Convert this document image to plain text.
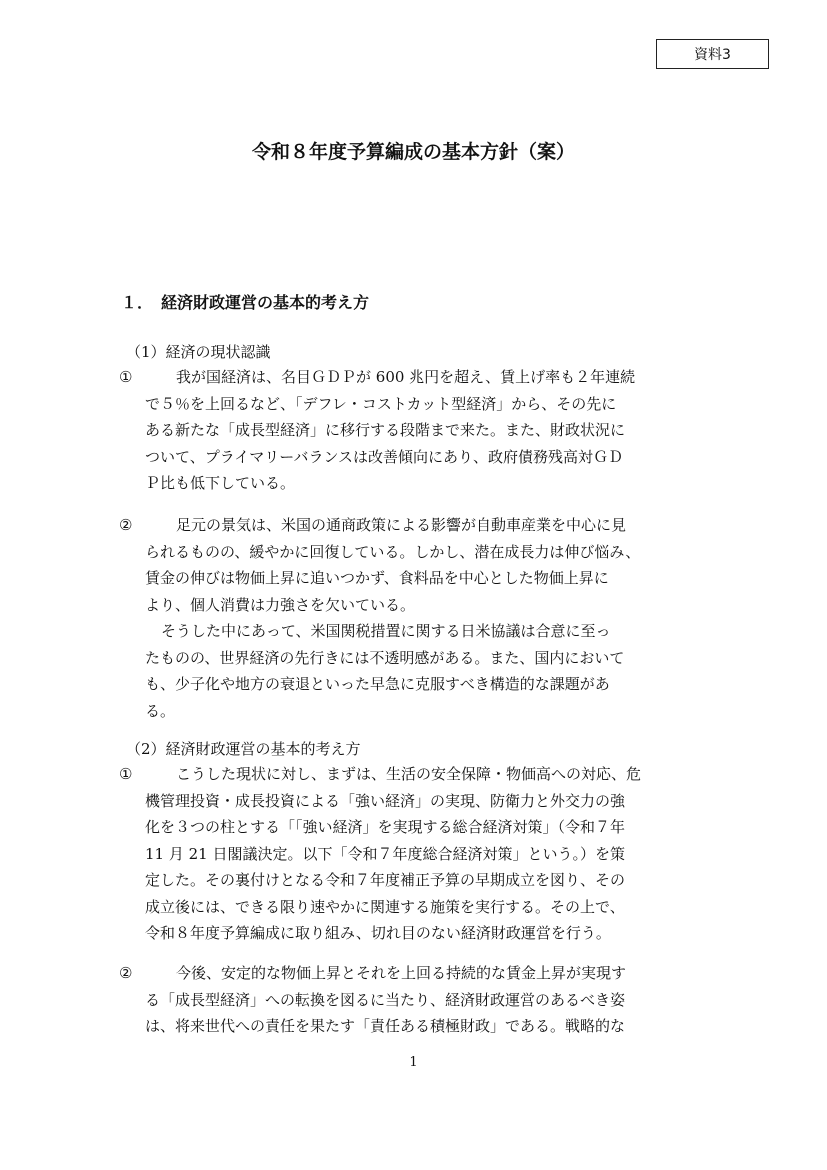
資料3
令和８年度予算編成の基本方針（案）
１．　経済財政運営の基本的考え方
（1）経済の現状認識
①	我が国経済は、名目ＧＤＰが 600 兆円を超え、賃上げ率も２年連続
で５％を上回るなど、「デフレ・コストカット型経済」から、その先に
ある新たな「成長型経済」に移行する段階まで来た。また、財政状況に
ついて、プライマリーバランスは改善傾向にあり、政府債務残高対ＧＤ
Ｐ比も低下している。
②	足元の景気は、米国の通商政策による影響が自動車産業を中心に見
られるものの、緩やかに回復している。しかし、潜在成長力は伸び悩み、
賃金の伸びは物価上昇に追いつかず、食料品を中心とした物価上昇に
より、個人消費は力強さを欠いている。
そうした中にあって、米国関税措置に関する日米協議は合意に至っ
たものの、世界経済の先行きには不透明感がある。また、国内において
も、少子化や地方の衰退といった早急に克服すべき構造的な課題があ
る。
（2）経済財政運営の基本的考え方
①	こうした現状に対し、まずは、生活の安全保障・物価高への対応、危
機管理投資・成長投資による「強い経済」の実現、防衛力と外交力の強
化を３つの柱とする「「強い経済」を実現する総合経済対策」（令和７年
11 月 21 日閣議決定。以下「令和７年度総合経済対策」という。）を策
定した。その裏付けとなる令和７年度補正予算の早期成立を図り、その
成立後には、できる限り速やかに関連する施策を実行する。その上で、
令和８年度予算編成に取り組み、切れ目のない経済財政運営を行う。
②	今後、安定的な物価上昇とそれを上回る持続的な賃金上昇が実現す
る「成長型経済」への転換を図るに当たり、経済財政運営のあるべき姿
は、将来世代への責任を果たす「責任ある積極財政」である。戦略的な
1
